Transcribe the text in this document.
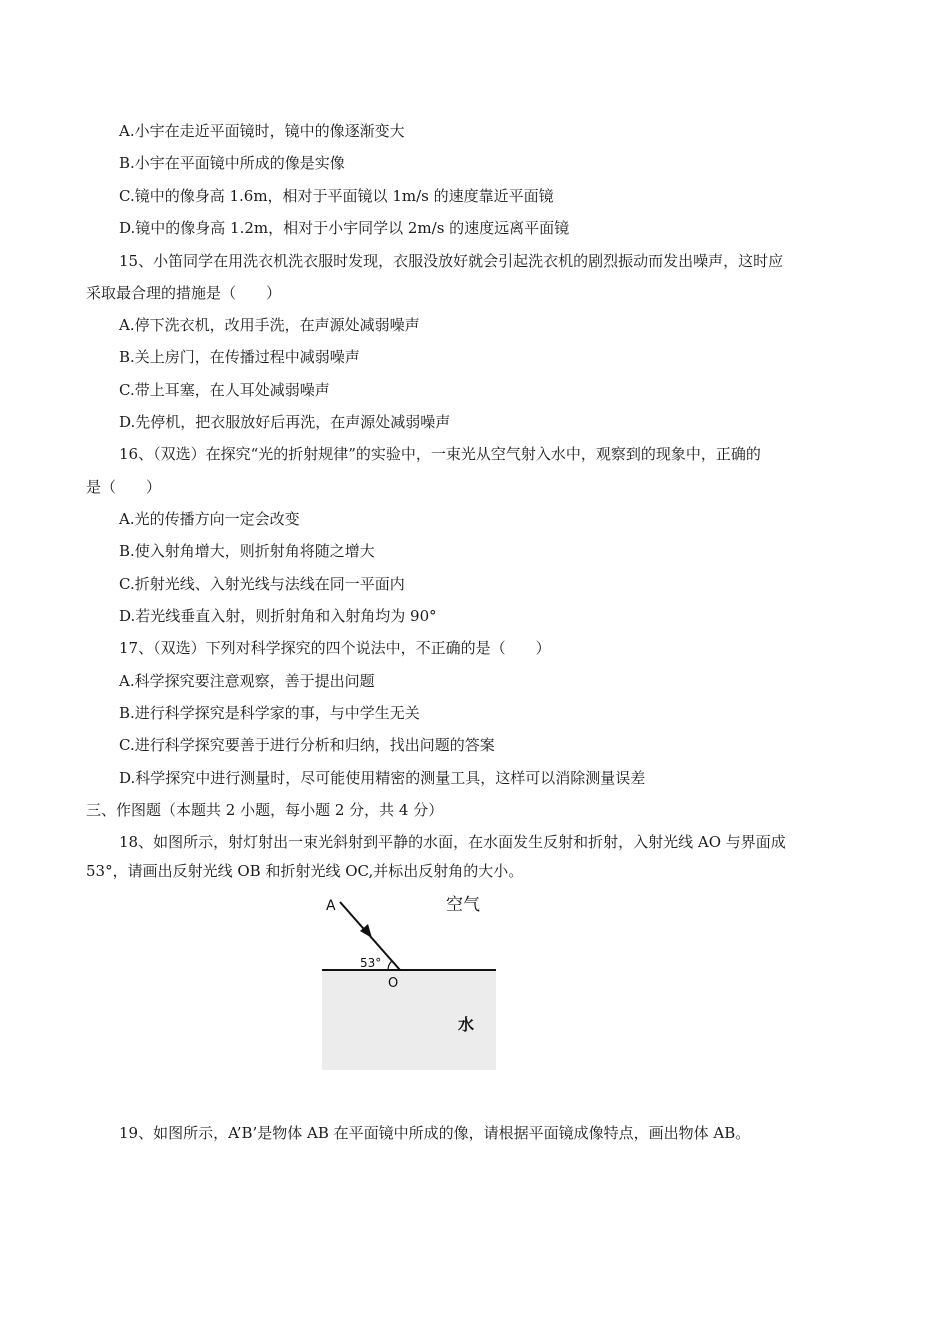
A.小宇在走近平面镜时，镜中的像逐渐变大
B.小宇在平面镜中所成的像是实像
C.镜中的像身高 1.6m，相对于平面镜以 1m/s 的速度靠近平面镜
D.镜中的像身高 1.2m，相对于小宇同学以 2m/s 的速度远离平面镜
15、小笛同学在用洗衣机洗衣服时发现，衣服没放好就会引起洗衣机的剧烈振动而发出噪声，这时应
采取最合理的措施是（　　）
A.停下洗衣机，改用手洗，在声源处减弱噪声
B.关上房门，在传播过程中减弱噪声
C.带上耳塞，在人耳处减弱噪声
D.先停机，把衣服放好后再洗，在声源处减弱噪声
16、（双选）在探究“光的折射规律”的实验中，一束光从空气射入水中，观察到的现象中，正确的
是（　　）
A.光的传播方向一定会改变
B.使入射角增大，则折射角将随之增大
C.折射光线、入射光线与法线在同一平面内
D.若光线垂直入射，则折射角和入射角均为 90°
17、（双选）下列对科学探究的四个说法中，不正确的是（　　）
A.科学探究要注意观察，善于提出问题
B.进行科学探究是科学家的事，与中学生无关
C.进行科学探究要善于进行分析和归纳，找出问题的答案
D.科学探究中进行测量时，尽可能使用精密的测量工具，这样可以消除测量误差
三、作图题（本题共 2 小题，每小题 2 分，共 4 分）
18、如图所示，射灯射出一束光斜射到平静的水面，在水面发生反射和折射，入射光线 AO 与界面成
53°，请画出反射光线 OB 和折射光线 OC,并标出反射角的大小。
A	空气
53°
O
水
19、如图所示，A’B’是物体 AB 在平面镜中所成的像，请根据平面镜成像特点，画出物体 AB。
